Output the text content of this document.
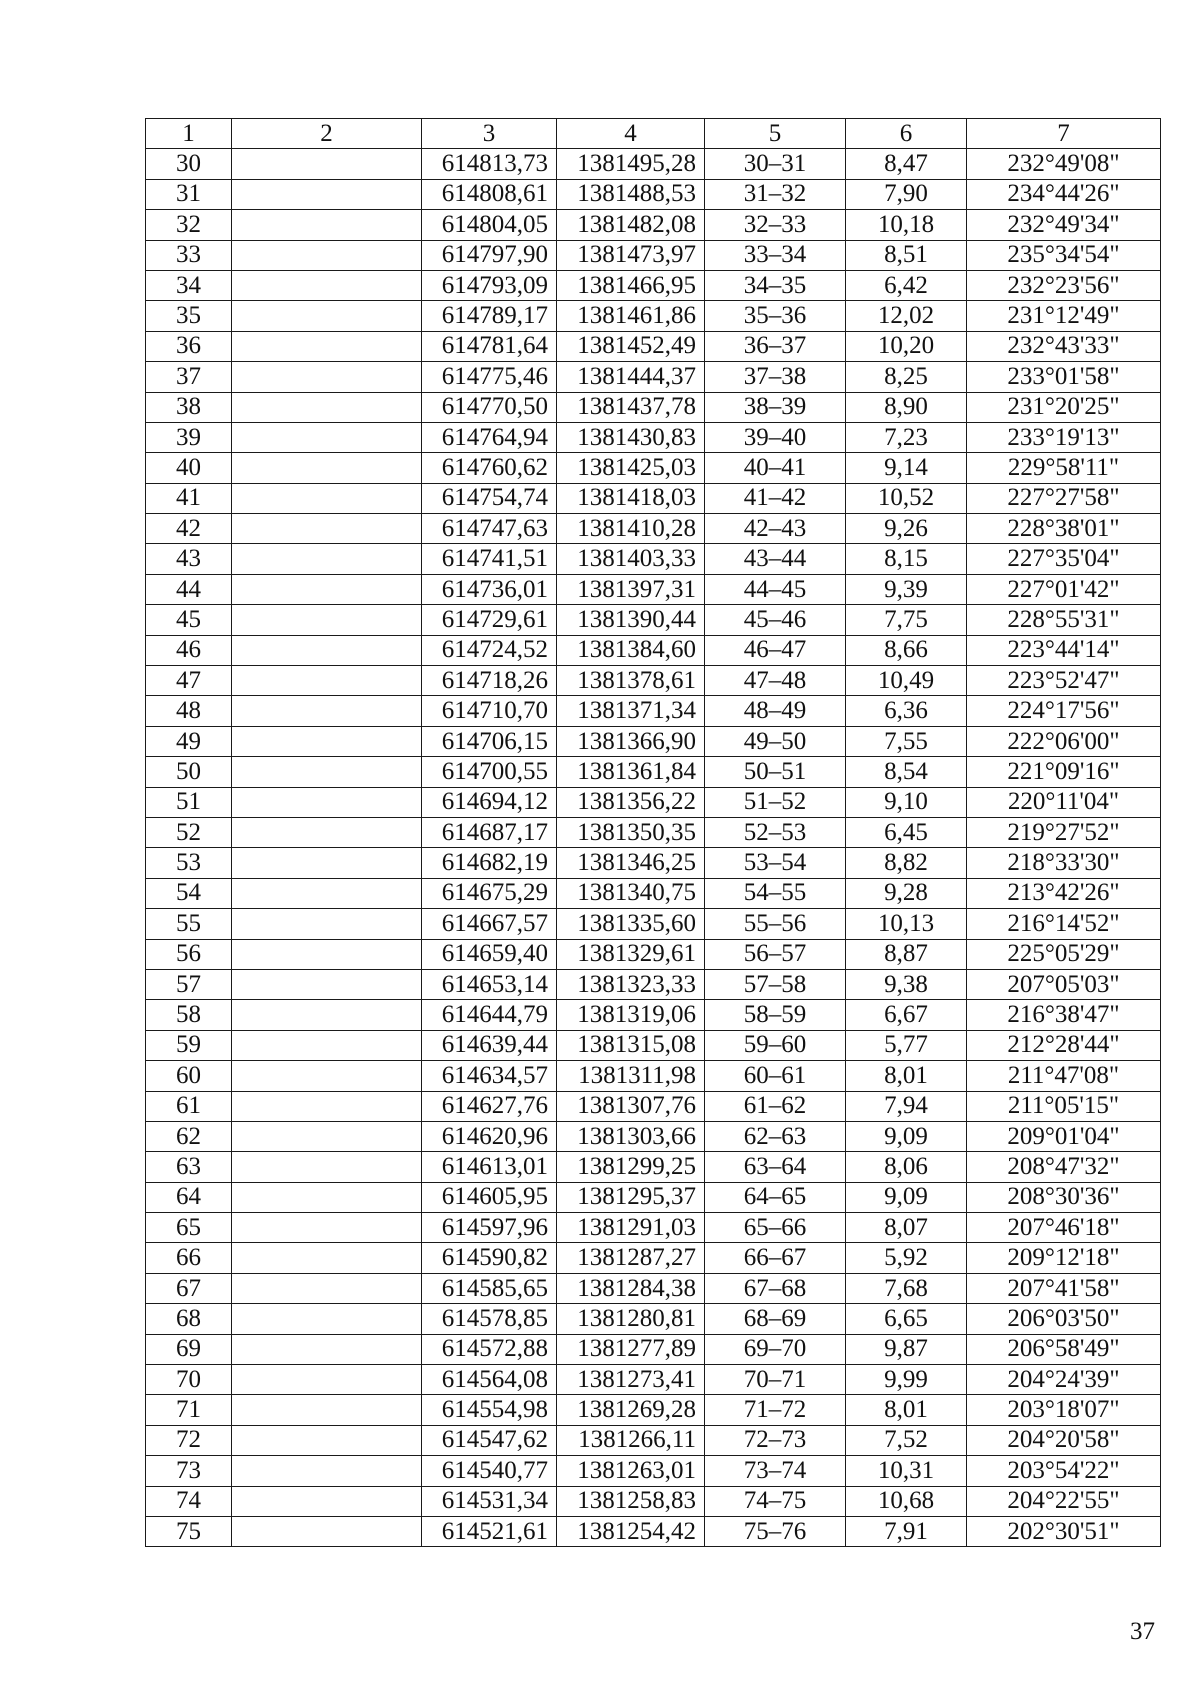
1	2	3	4	5	6	7
30		614813,73	1381495,28	30–31	8,47	232°49'08"
31		614808,61	1381488,53	31–32	7,90	234°44'26"
32		614804,05	1381482,08	32–33	10,18	232°49'34"
33		614797,90	1381473,97	33–34	8,51	235°34'54"
34		614793,09	1381466,95	34–35	6,42	232°23'56"
35		614789,17	1381461,86	35–36	12,02	231°12'49"
36		614781,64	1381452,49	36–37	10,20	232°43'33"
37		614775,46	1381444,37	37–38	8,25	233°01'58"
38		614770,50	1381437,78	38–39	8,90	231°20'25"
39		614764,94	1381430,83	39–40	7,23	233°19'13"
40		614760,62	1381425,03	40–41	9,14	229°58'11"
41		614754,74	1381418,03	41–42	10,52	227°27'58"
42		614747,63	1381410,28	42–43	9,26	228°38'01"
43		614741,51	1381403,33	43–44	8,15	227°35'04"
44		614736,01	1381397,31	44–45	9,39	227°01'42"
45		614729,61	1381390,44	45–46	7,75	228°55'31"
46		614724,52	1381384,60	46–47	8,66	223°44'14"
47		614718,26	1381378,61	47–48	10,49	223°52'47"
48		614710,70	1381371,34	48–49	6,36	224°17'56"
49		614706,15	1381366,90	49–50	7,55	222°06'00"
50		614700,55	1381361,84	50–51	8,54	221°09'16"
51		614694,12	1381356,22	51–52	9,10	220°11'04"
52		614687,17	1381350,35	52–53	6,45	219°27'52"
53		614682,19	1381346,25	53–54	8,82	218°33'30"
54		614675,29	1381340,75	54–55	9,28	213°42'26"
55		614667,57	1381335,60	55–56	10,13	216°14'52"
56		614659,40	1381329,61	56–57	8,87	225°05'29"
57		614653,14	1381323,33	57–58	9,38	207°05'03"
58		614644,79	1381319,06	58–59	6,67	216°38'47"
59		614639,44	1381315,08	59–60	5,77	212°28'44"
60		614634,57	1381311,98	60–61	8,01	211°47'08"
61		614627,76	1381307,76	61–62	7,94	211°05'15"
62		614620,96	1381303,66	62–63	9,09	209°01'04"
63		614613,01	1381299,25	63–64	8,06	208°47'32"
64		614605,95	1381295,37	64–65	9,09	208°30'36"
65		614597,96	1381291,03	65–66	8,07	207°46'18"
66		614590,82	1381287,27	66–67	5,92	209°12'18"
67		614585,65	1381284,38	67–68	7,68	207°41'58"
68		614578,85	1381280,81	68–69	6,65	206°03'50"
69		614572,88	1381277,89	69–70	9,87	206°58'49"
70		614564,08	1381273,41	70–71	9,99	204°24'39"
71		614554,98	1381269,28	71–72	8,01	203°18'07"
72		614547,62	1381266,11	72–73	7,52	204°20'58"
73		614540,77	1381263,01	73–74	10,31	203°54'22"
74		614531,34	1381258,83	74–75	10,68	204°22'55"
75		614521,61	1381254,42	75–76	7,91	202°30'51"
37
